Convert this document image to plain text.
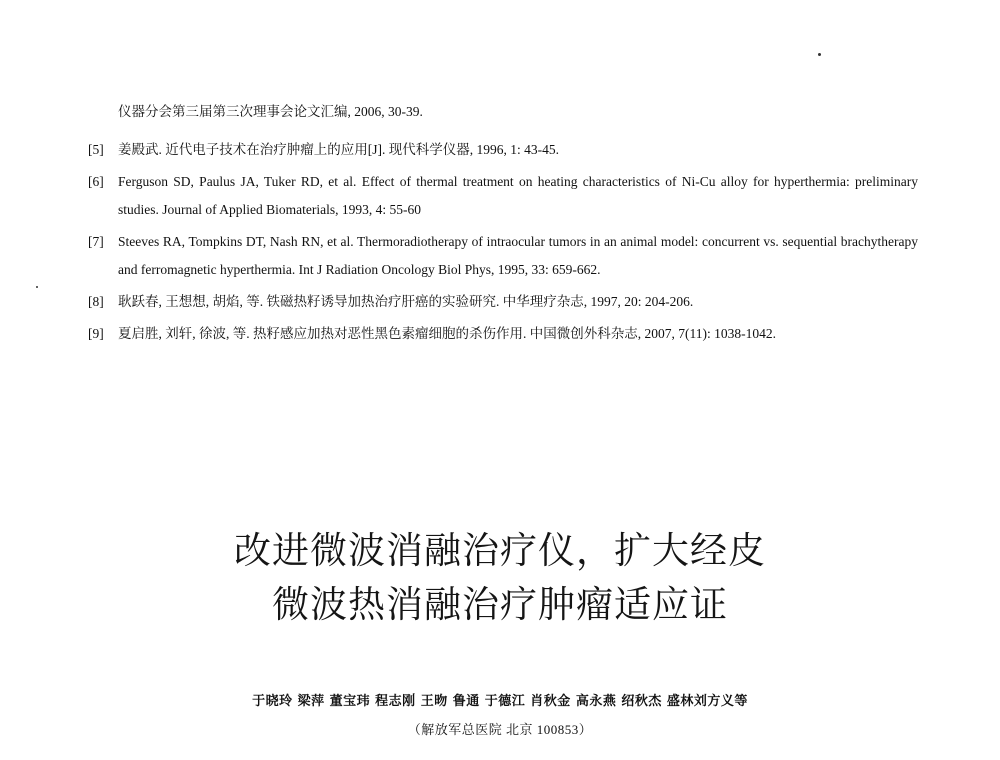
仪器分会第三届第三次理事会论文汇编, 2006, 30-39.
[5] 姜殿武. 近代电子技术在治疗肿瘤上的应用[J]. 现代科学仪器, 1996, 1: 43-45.
[6] Ferguson SD, Paulus JA, Tuker RD, et al. Effect of thermal treatment on heating characteristics of Ni-Cu alloy for hyperthermia: preliminary studies. Journal of Applied Biomaterials, 1993, 4: 55-60
[7] Steeves RA, Tompkins DT, Nash RN, et al. Thermoradiotherapy of intraocular tumors in an animal model: concurrent vs. sequential brachytherapy and ferromagnetic hyperthermia. Int J Radiation Oncology Biol Phys, 1995, 33: 659-662.
[8] 耿跃春, 王想想, 胡焰, 等. 铁磁热籽诱导加热治疗肝癌的实验研究. 中华理疗杂志, 1997, 20: 204-206.
[9] 夏启胜, 刘轩, 徐波, 等. 热籽感应加热对恶性黑色素瘤细胞的杀伤作用. 中国微创外科杂志, 2007, 7(11): 1038-1042.
改进微波消融治疗仪，扩大经皮
微波热消融治疗肿瘤适应证
于晓玲 梁萍 董宝玮 程志刚 王昒 鲁通 于德江 肖秋金 高永燕 绍秋杰 盛林刘方义等
（解放军总医院 北京 100853）
